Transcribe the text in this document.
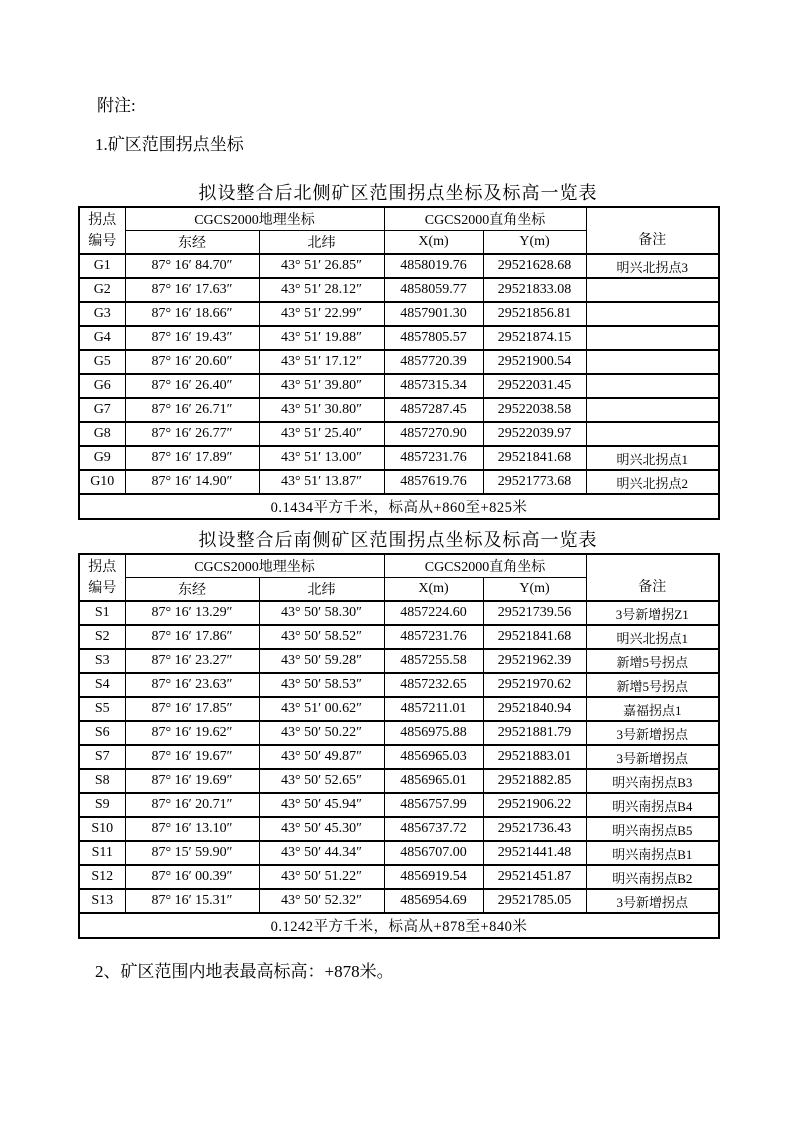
附注:
1.矿区范围拐点坐标
拟设整合后北侧矿区范围拐点坐标及标高一览表
拐点
编号	CGCS2000地理坐标		CGCS2000直角坐标		备注
	东经	北纬	X(m)	Y(m)	
G1	87° 16′ 84.70″	43° 51′ 26.85″	4858019.76	29521628.68	明兴北拐点3
G2	87° 16′ 17.63″	43° 51′ 28.12″	4858059.77	29521833.08	
G3	87° 16′ 18.66″	43° 51′ 22.99″	4857901.30	29521856.81	
G4	87° 16′ 19.43″	43° 51′ 19.88″	4857805.57	29521874.15	
G5	87° 16′ 20.60″	43° 51′ 17.12″	4857720.39	29521900.54	
G6	87° 16′ 26.40″	43° 51′ 39.80″	4857315.34	29522031.45	
G7	87° 16′ 26.71″	43° 51′ 30.80″	4857287.45	29522038.58	
G8	87° 16′ 26.77″	43° 51′ 25.40″	4857270.90	29522039.97	
G9	87° 16′ 17.89″	43° 51′ 13.00″	4857231.76	29521841.68	明兴北拐点1
G10	87° 16′ 14.90″	43° 51′ 13.87″	4857619.76	29521773.68	明兴北拐点2
0.1434平方千米，标高从+860至+825米					
拟设整合后南侧矿区范围拐点坐标及标高一览表
拐点
编号	CGCS2000地理坐标		CGCS2000直角坐标		备注
	东经	北纬	X(m)	Y(m)	
S1	87° 16′ 13.29″	43° 50′ 58.30″	4857224.60	29521739.56	3号新增拐Z1
S2	87° 16′ 17.86″	43° 50′ 58.52″	4857231.76	29521841.68	明兴北拐点1
S3	87° 16′ 23.27″	43° 50′ 59.28″	4857255.58	29521962.39	新增5号拐点
S4	87° 16′ 23.63″	43° 50′ 58.53″	4857232.65	29521970.62	新增5号拐点
S5	87° 16′ 17.85″	43° 51′ 00.62″	4857211.01	29521840.94	嘉福拐点1
S6	87° 16′ 19.62″	43° 50′ 50.22″	4856975.88	29521881.79	3号新增拐点
S7	87° 16′ 19.67″	43° 50′ 49.87″	4856965.03	29521883.01	3号新增拐点
S8	87° 16′ 19.69″	43° 50′ 52.65″	4856965.01	29521882.85	明兴南拐点B3
S9	87° 16′ 20.71″	43° 50′ 45.94″	4856757.99	29521906.22	明兴南拐点B4
S10	87° 16′ 13.10″	43° 50′ 45.30″	4856737.72	29521736.43	明兴南拐点B5
S11	87° 15′ 59.90″	43° 50′ 44.34″	4856707.00	29521441.48	明兴南拐点B1
S12	87° 16′ 00.39″	43° 50′ 51.22″	4856919.54	29521451.87	明兴南拐点B2
S13	87° 16′ 15.31″	43° 50′ 52.32″	4856954.69	29521785.05	3号新增拐点
0.1242平方千米，标高从+878至+840米					
2、矿区范围内地表最高标高：+878米。
